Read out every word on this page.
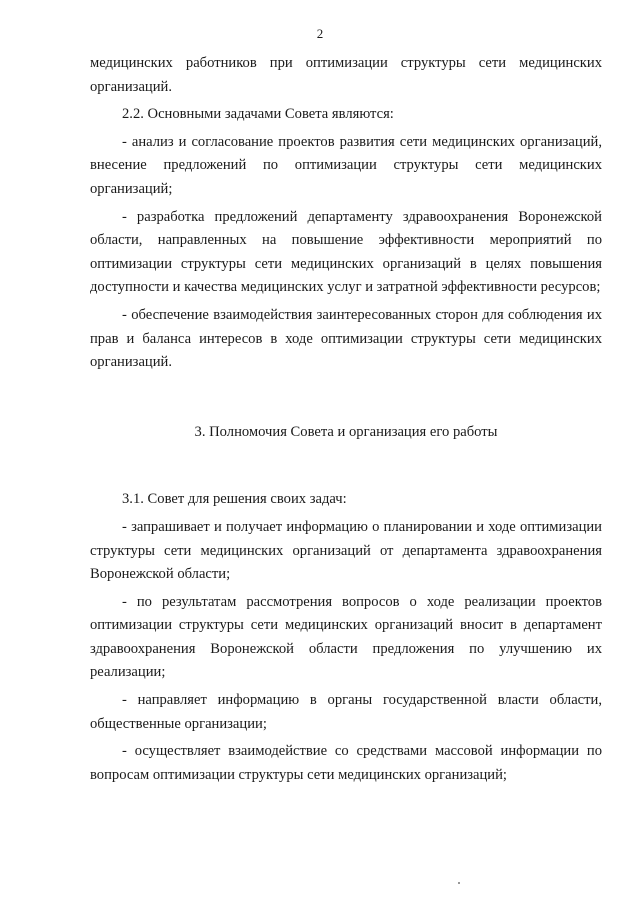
2

медицинских работников при оптимизации структуры сети медицинских организаций.

2.2. Основными задачами Совета являются:

- анализ и согласование проектов развития сети медицинских организаций, внесение предложений по оптимизации структуры сети медицинских организаций;

- разработка предложений департаменту здравоохранения Воронежской области, направленных на повышение эффективности мероприятий по оптимизации структуры сети медицинских организаций в целях повышения доступности и качества медицинских услуг и затратной эффективности ресурсов;

- обеспечение взаимодействия заинтересованных сторон для соблюдения их прав и баланса интересов в ходе оптимизации структуры сети медицинских организаций.

3. Полномочия Совета и организация его работы

3.1. Совет для решения своих задач:

- запрашивает и получает информацию о планировании и ходе оптимизации структуры сети медицинских организаций от департамента здравоохранения Воронежской области;

- по результатам рассмотрения вопросов о ходе реализации проектов оптимизации структуры сети медицинских организаций вносит в департамент здравоохранения Воронежской области предложения по улучшению их реализации;

- направляет информацию в органы государственной власти области, общественные организации;

- осуществляет взаимодействие со средствами массовой информации по вопросам оптимизации структуры сети медицинских организаций;
